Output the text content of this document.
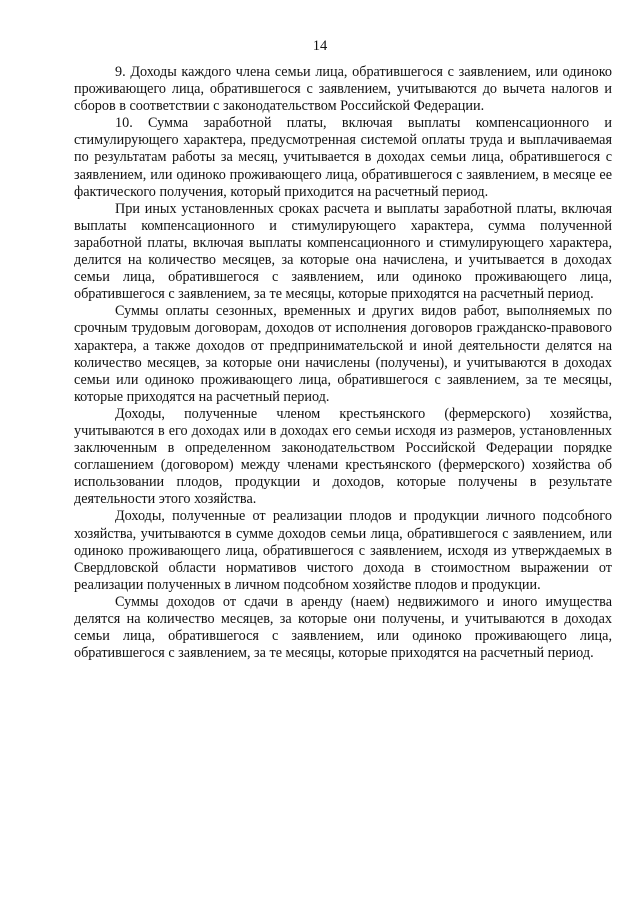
14

9. Доходы каждого члена семьи лица, обратившегося с заявлением, или одиноко проживающего лица, обратившегося с заявлением, учитываются до вычета налогов и сборов в соответствии с законодательством Российской Федерации.

10. Сумма заработной платы, включая выплаты компенсационного и стимулирующего характера, предусмотренная системой оплаты труда и выплачиваемая по результатам работы за месяц, учитывается в доходах семьи лица, обратившегося с заявлением, или одиноко проживающего лица, обратившегося с заявлением, в месяце ее фактического получения, который приходится на расчетный период.

При иных установленных сроках расчета и выплаты заработной платы, включая выплаты компенсационного и стимулирующего характера, сумма полученной заработной платы, включая выплаты компенсационного и стимулирующего характера, делится на количество месяцев, за которые она начислена, и учитывается в доходах семьи лица, обратившегося с заявлением, или одиноко проживающего лица, обратившегося с заявлением, за те месяцы, которые приходятся на расчетный период.

Суммы оплаты сезонных, временных и других видов работ, выполняемых по срочным трудовым договорам, доходов от исполнения договоров гражданско-правового характера, а также доходов от предпринимательской и иной деятельности делятся на количество месяцев, за которые они начислены (получены), и учитываются в доходах семьи или одиноко проживающего лица, обратившегося с заявлением, за те месяцы, которые приходятся на расчетный период.

Доходы, полученные членом крестьянского (фермерского) хозяйства, учитываются в его доходах или в доходах его семьи исходя из размеров, установленных заключенным в определенном законодательством Российской Федерации порядке соглашением (договором) между членами крестьянского (фермерского) хозяйства об использовании плодов, продукции и доходов, которые получены в результате деятельности этого хозяйства.

Доходы, полученные от реализации плодов и продукции личного подсобного хозяйства, учитываются в сумме доходов семьи лица, обратившегося с заявлением, или одиноко проживающего лица, обратившегося с заявлением, исходя из утверждаемых в Свердловской области нормативов чистого дохода в стоимостном выражении от реализации полученных в личном подсобном хозяйстве плодов и продукции.

Суммы доходов от сдачи в аренду (наем) недвижимого и иного имущества делятся на количество месяцев, за которые они получены, и учитываются в доходах семьи лица, обратившегося с заявлением, или одиноко проживающего лица, обратившегося с заявлением, за те месяцы, которые приходятся на расчетный период.
